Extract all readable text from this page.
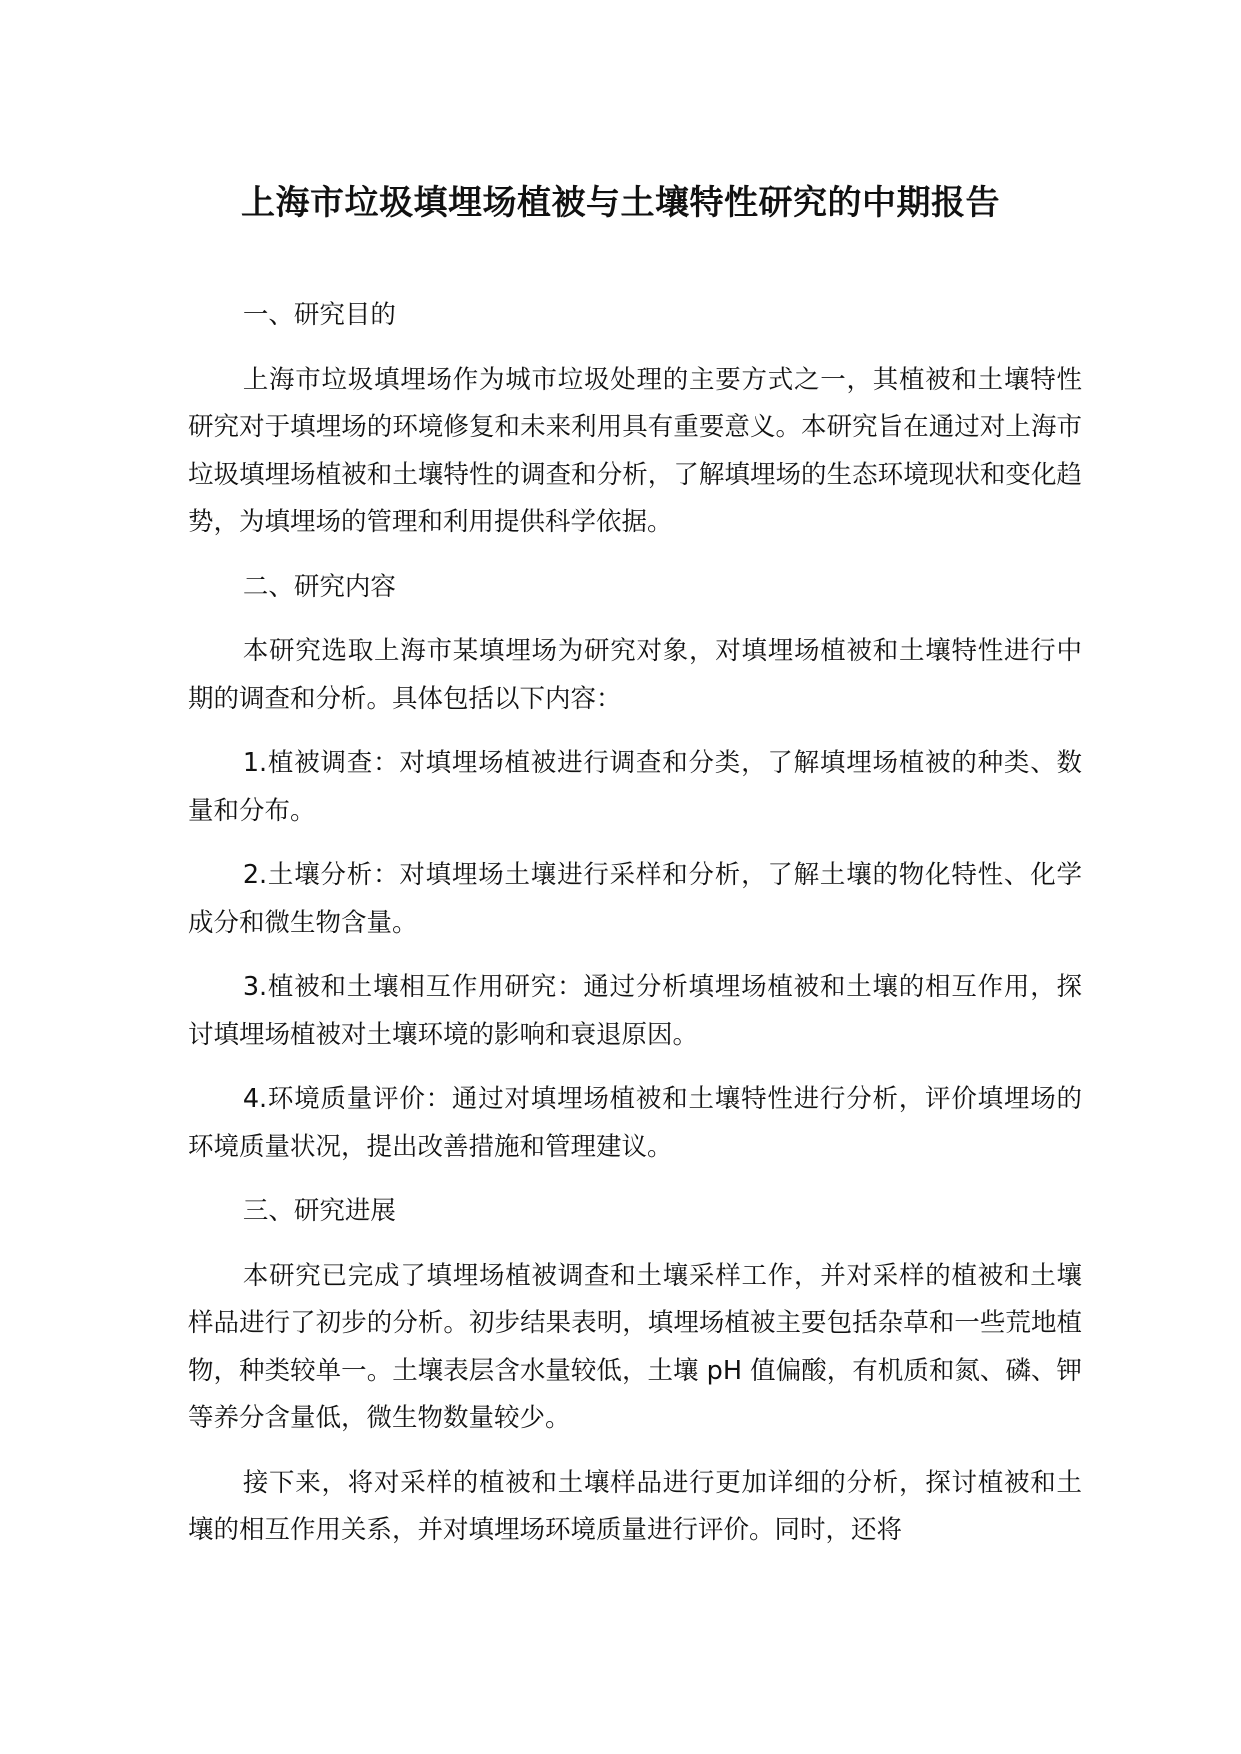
上海市垃圾填埋场植被与土壤特性研究的中期报告

一、研究目的

上海市垃圾填埋场作为城市垃圾处理的主要方式之一，其植被和土壤特性研究对于填埋场的环境修复和未来利用具有重要意义。本研究旨在通过对上海市垃圾填埋场植被和土壤特性的调查和分析，了解填埋场的生态环境现状和变化趋势，为填埋场的管理和利用提供科学依据。

二、研究内容

本研究选取上海市某填埋场为研究对象，对填埋场植被和土壤特性进行中期的调查和分析。具体包括以下内容：

1.植被调查：对填埋场植被进行调查和分类，了解填埋场植被的种类、数量和分布。

2.土壤分析：对填埋场土壤进行采样和分析，了解土壤的物化特性、化学成分和微生物含量。

3.植被和土壤相互作用研究：通过分析填埋场植被和土壤的相互作用，探讨填埋场植被对土壤环境的影响和衰退原因。

4.环境质量评价：通过对填埋场植被和土壤特性进行分析，评价填埋场的环境质量状况，提出改善措施和管理建议。

三、研究进展

本研究已完成了填埋场植被调查和土壤采样工作，并对采样的植被和土壤样品进行了初步的分析。初步结果表明，填埋场植被主要包括杂草和一些荒地植物，种类较单一。土壤表层含水量较低，土壤 pH 值偏酸，有机质和氮、磷、钾等养分含量低，微生物数量较少。

接下来，将对采样的植被和土壤样品进行更加详细的分析，探讨植被和土壤的相互作用关系，并对填埋场环境质量进行评价。同时，还将
